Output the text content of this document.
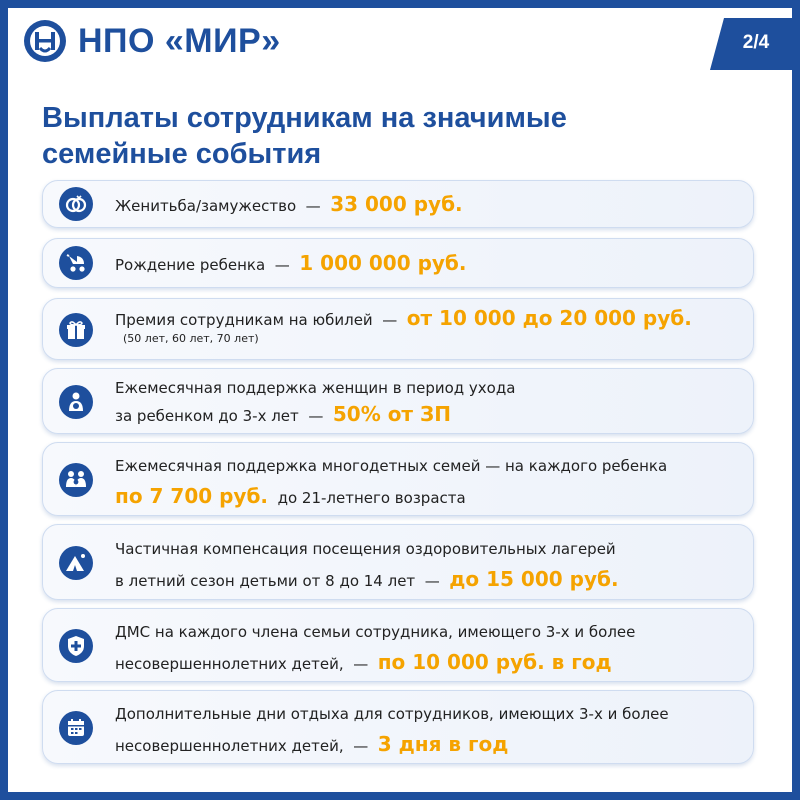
НПО «МИР»	2/4
Выплаты сотрудникам на значимые
семейные события
Женитьба/замужество — 33 000 руб.
Рождение ребенка — 1 000 000 руб.
Премия сотрудникам на юбилей — от 10 000 до 20 000 руб.
(50 лет, 60 лет, 70 лет)
Ежемесячная поддержка женщин в период ухода
за ребенком до 3-х лет — 50% от ЗП
Ежемесячная поддержка многодетных семей — на каждого ребенка
по 7 700 руб. до 21-летнего возраста
Частичная компенсация посещения оздоровительных лагерей
в летний сезон детьми от 8 до 14 лет — до 15 000 руб.
ДМС на каждого члена семьи сотрудника, имеющего 3-х и более
несовершеннолетних детей, — по 10 000 руб. в год
Дополнительные дни отдыха для сотрудников, имеющих 3-х и более
несовершеннолетних детей, — 3 дня в год
